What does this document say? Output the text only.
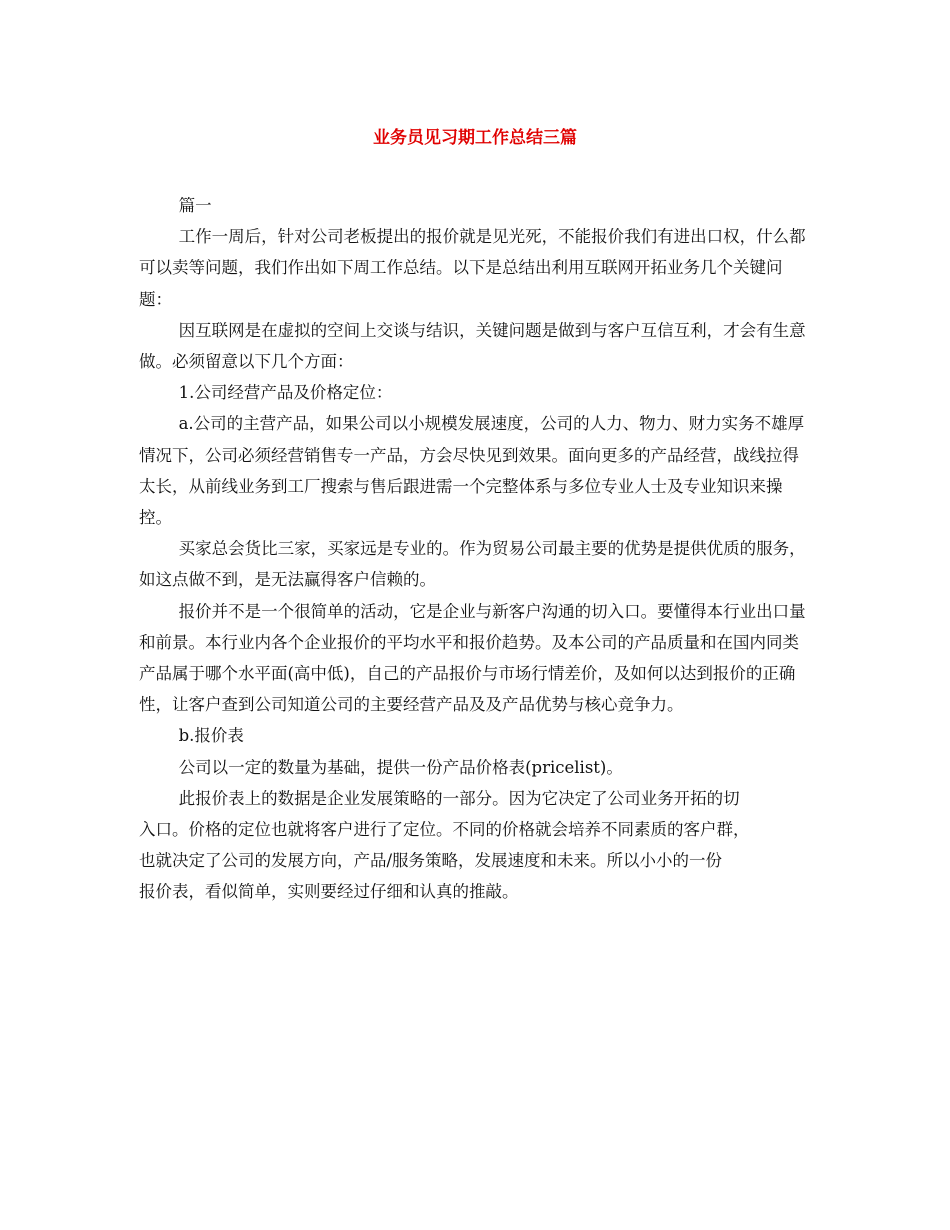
业务员见习期工作总结三篇

篇一

工作一周后，针对公司老板提出的报价就是见光死，不能报价我们有进出口权，什么都可以卖等问题，我们作出如下周工作总结。以下是总结出利用互联网开拓业务几个关键问题：

因互联网是在虚拟的空间上交谈与结识，关键问题是做到与客户互信互利，才会有生意做。必须留意以下几个方面：

1.公司经营产品及价格定位：

a.公司的主营产品，如果公司以小规模发展速度，公司的人力、物力、财力实务不雄厚情况下，公司必须经营销售专一产品，方会尽快见到效果。面向更多的产品经营，战线拉得太长，从前线业务到工厂搜索与售后跟进需一个完整体系与多位专业人士及专业知识来操控。

买家总会货比三家，买家远是专业的。作为贸易公司最主要的优势是提供优质的服务，如这点做不到，是无法赢得客户信赖的。

报价并不是一个很简单的活动，它是企业与新客户沟通的切入口。要懂得本行业出口量和前景。本行业内各个企业报价的平均水平和报价趋势。及本公司的产品质量和在国内同类产品属于哪个水平面(高中低)，自己的产品报价与市场行情差价，及如何以达到报价的正确性，让客户查到公司知道公司的主要经营产品及及产品优势与核心竞争力。

b.报价表

公司以一定的数量为基础，提供一份产品价格表(pricelist)。

此报价表上的数据是企业发展策略的一部分。因为它决定了公司业务开拓的切

入口。价格的定位也就将客户进行了定位。不同的价格就会培养不同素质的客户群，

也就决定了公司的发展方向，产品/服务策略，发展速度和未来。所以小小的一份

报价表，看似简单，实则要经过仔细和认真的推敲。
